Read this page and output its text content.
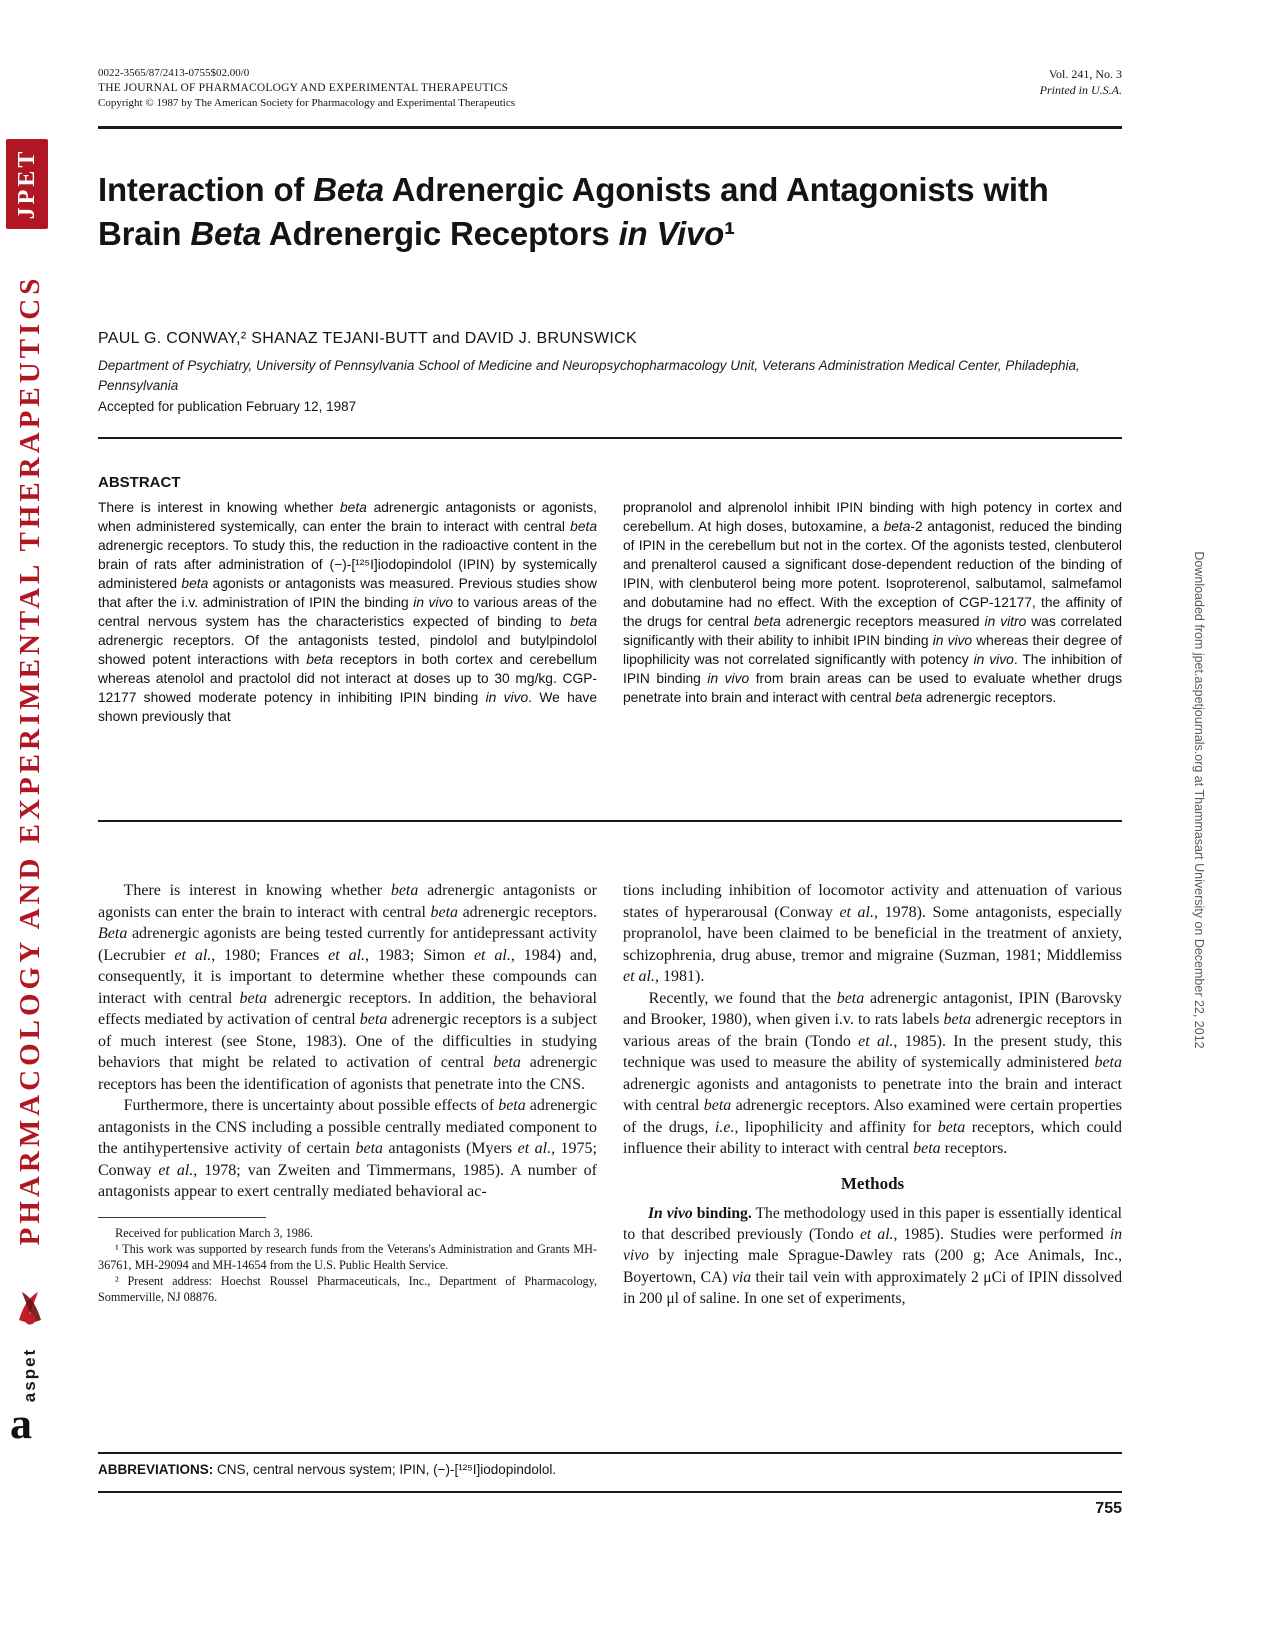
JPET
PHARMACOLOGY AND EXPERIMENTAL THERAPEUTICS
aspet
a
Downloaded from jpet.aspetjournals.org at Thammasart University on December 22, 2012
0022-3565/87/2413-0755$02.00/0
THE JOURNAL OF PHARMACOLOGY AND EXPERIMENTAL THERAPEUTICS
Copyright © 1987 by The American Society for Pharmacology and Experimental Therapeutics
Vol. 241, No. 3
Printed in U.S.A.
Interaction of Beta Adrenergic Agonists and Antagonists with Brain Beta Adrenergic Receptors in Vivo¹
PAUL G. CONWAY,² SHANAZ TEJANI-BUTT and DAVID J. BRUNSWICK
Department of Psychiatry, University of Pennsylvania School of Medicine and Neuropsychopharmacology Unit, Veterans Administration Medical Center, Philadephia, Pennsylvania
Accepted for publication February 12, 1987
ABSTRACT
There is interest in knowing whether beta adrenergic antagonists or agonists, when administered systemically, can enter the brain to interact with central beta adrenergic receptors. To study this, the reduction in the radioactive content in the brain of rats after administration of (−)-[¹²⁵I]iodopindolol (IPIN) by systemically administered beta agonists or antagonists was measured. Previous studies show that after the i.v. administration of IPIN the binding in vivo to various areas of the central nervous system has the characteristics expected of binding to beta adrenergic receptors. Of the antagonists tested, pindolol and butylpindolol showed potent interactions with beta receptors in both cortex and cerebellum whereas atenolol and practolol did not interact at doses up to 30 mg/kg. CGP-12177 showed moderate potency in inhibiting IPIN binding in vivo. We have shown previously that
propranolol and alprenolol inhibit IPIN binding with high potency in cortex and cerebellum. At high doses, butoxamine, a beta-2 antagonist, reduced the binding of IPIN in the cerebellum but not in the cortex. Of the agonists tested, clenbuterol and prenalterol caused a significant dose-dependent reduction of the binding of IPIN, with clenbuterol being more potent. Isoproterenol, salbutamol, salmefamol and dobutamine had no effect. With the exception of CGP-12177, the affinity of the drugs for central beta adrenergic receptors measured in vitro was correlated significantly with their ability to inhibit IPIN binding in vivo whereas their degree of lipophilicity was not correlated significantly with potency in vivo. The inhibition of IPIN binding in vivo from brain areas can be used to evaluate whether drugs penetrate into brain and interact with central beta adrenergic receptors.

There is interest in knowing whether beta adrenergic antagonists or agonists can enter the brain to interact with central beta adrenergic receptors. Beta adrenergic agonists are being tested currently for antidepressant activity (Lecrubier et al., 1980; Frances et al., 1983; Simon et al., 1984) and, consequently, it is important to determine whether these compounds can interact with central beta adrenergic receptors. In addition, the behavioral effects mediated by activation of central beta adrenergic receptors is a subject of much interest (see Stone, 1983). One of the difficulties in studying behaviors that might be related to activation of central beta adrenergic receptors has been the identification of agonists that penetrate into the CNS.

Furthermore, there is uncertainty about possible effects of beta adrenergic antagonists in the CNS including a possible centrally mediated component to the antihypertensive activity of certain beta antagonists (Myers et al., 1975; Conway et al., 1978; van Zweiten and Timmermans, 1985). A number of antagonists appear to exert centrally mediated behavioral ac-

Received for publication March 3, 1986.

¹ This work was supported by research funds from the Veterans's Administration and Grants MH-36761, MH-29094 and MH-14654 from the U.S. Public Health Service.

² Present address: Hoechst Roussel Pharmaceuticals, Inc., Department of Pharmacology, Sommerville, NJ 08876.

tions including inhibition of locomotor activity and attenuation of various states of hyperarousal (Conway et al., 1978). Some antagonists, especially propranolol, have been claimed to be beneficial in the treatment of anxiety, schizophrenia, drug abuse, tremor and migraine (Suzman, 1981; Middlemiss et al., 1981).

Recently, we found that the beta adrenergic antagonist, IPIN (Barovsky and Brooker, 1980), when given i.v. to rats labels beta adrenergic receptors in various areas of the brain (Tondo et al., 1985). In the present study, this technique was used to measure the ability of systemically administered beta adrenergic agonists and antagonists to penetrate into the brain and interact with central beta adrenergic receptors. Also examined were certain properties of the drugs, i.e., lipophilicity and affinity for beta receptors, which could influence their ability to interact with central beta receptors.

Methods

In vivo binding. The methodology used in this paper is essentially identical to that described previously (Tondo et al., 1985). Studies were performed in vivo by injecting male Sprague-Dawley rats (200 g; Ace Animals, Inc., Boyertown, CA) via their tail vein with approximately 2 μCi of IPIN dissolved in 200 μl of saline. In one set of experiments,

ABBREVIATIONS: CNS, central nervous system; IPIN, (−)-[¹²⁵I]iodopindolol.
755
